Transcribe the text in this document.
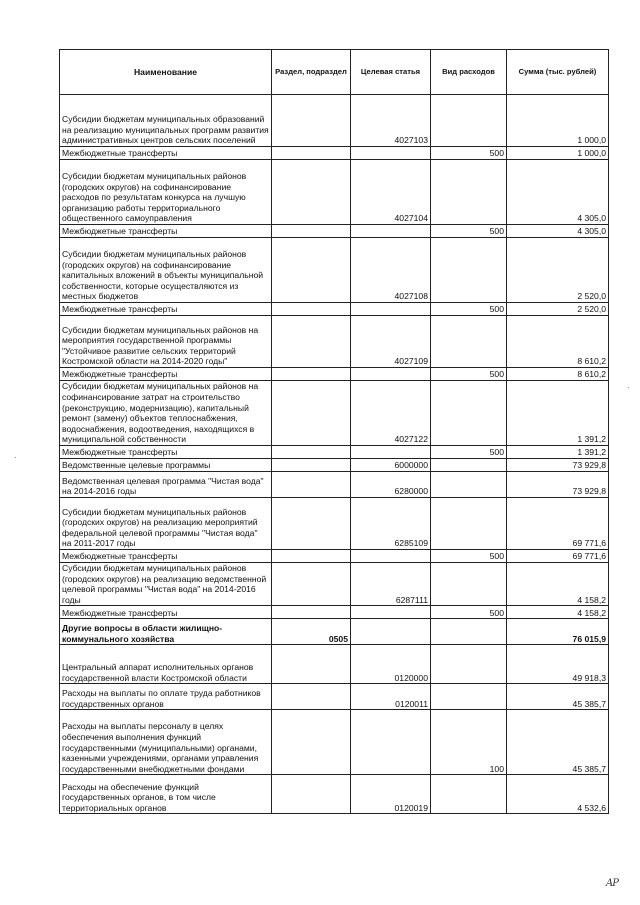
.
.
Наименование	Раздел, подраздел	Целевая статья	Вид расходов	Сумма (тыс. рублей)
Субсидии бюджетам муниципальных образований на реализацию муниципальных программ развития административных центров сельских поселений		4027103		1 000,0
Межбюджетные трансферты			500	1 000,0
Субсидии бюджетам муниципальных районов (городских округов) на софинансирование расходов по результатам конкурса на лучшую организацию работы территориального общественного самоуправления		4027104		4 305,0
Межбюджетные трансферты			500	4 305,0
Субсидии бюджетам муниципальных районов (городских округов) на софинансирование капитальных вложений в объекты муниципальной собственности, которые осуществляются из местных бюджетов		4027108		2 520,0
Межбюджетные трансферты			500	2 520,0
Субсидии бюджетам муниципальных районов на мероприятия государственной программы "Устойчивое развитие сельских территорий Костромской области на 2014-2020 годы"		4027109		8 610,2
Межбюджетные трансферты			500	8 610,2
Субсидии бюджетам муниципальных районов на софинансирование затрат на строительство (реконструкцию, модернизацию), капитальный ремонт (замену) объектов теплоснабжения, водоснабжения, водоотведения, находящихся в муниципальной собственности		4027122		1 391,2
Межбюджетные трансферты			500	1 391,2
Ведомственные целевые программы		6000000		73 929,8
Ведомственная целевая программа "Чистая вода" на 2014-2016 годы		6280000		73 929,8
Субсидии бюджетам муниципальных районов (городских округов) на реализацию мероприятий федеральной целевой программы "Чистая вода" на 2011-2017 годы		6285109		69 771,6
Межбюджетные трансферты			500	69 771,6
Субсидии бюджетам муниципальных районов (городских округов) на реализацию ведомственной целевой программы "Чистая вода" на 2014-2016 годы		6287111		4 158,2
Межбюджетные трансферты			500	4 158,2
Другие вопросы в области жилищно-коммунального хозяйства	0505			76 015,9
Центральный аппарат исполнительных органов государственной власти Костромской области		0120000		49 918,3
Расходы на выплаты по оплате труда работников государственных органов		0120011		45 385,7
Расходы на выплаты персоналу в целях обеспечения выполнения функций государственными (муниципальными) органами, казенными учреждениями, органами управления государственными внебюджетными фондами			100	45 385,7
Расходы на обеспечение функций государственных органов, в том числе территориальных органов		0120019		4 532,6
АР
